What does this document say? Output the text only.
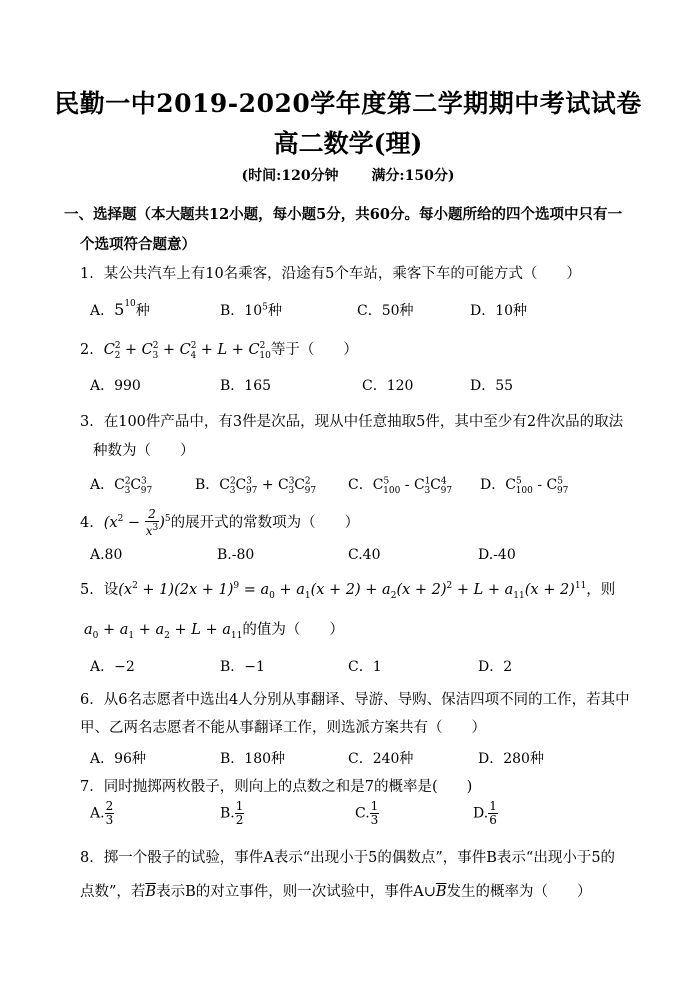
民勤一中2019-2020学年度第二学期期中考试试卷
高二数学(理)
(时间:120分钟 满分:150分)
一、选择题（本大题共12小题，每小题5分，共60分。每小题所给的四个选项中只有一
个选项符合题意）
1．某公共汽车上有10名乘客，沿途有5个车站，乘客下车的可能方式（　　）
A．$5^{10}$种	B．$10^5$种	C．50种	D．10种
2．$C^2_2 + C^2_3 + C^2_4 + L + C^2_{10}$等于（　　）
A．990	B．165	C．120	D．55
3．在100件产品中，有3件是次品，现从中任意抽取5件，其中至少有2件次品的取法
种数为（　　）
A．$C^2_3C^3_{97}$	B．$C^2_3C^3_{97} + C^3_3C^2_{97}$ C．$C^5_{100} - C^1_3C^4_{97}$ D．$C^5_{100} - C^5_{97}$
4．$(x^2 - \frac{2}{x^3} )^5$的展开式的常数项为（　　）
A.80	B.-80	C.40	D.-40
5．设$(x^2 + 1)(2x + 1)^9 = a_0 + a_1(x + 2) + a_2(x + 2)^2 + L + a_{11}(x + 2)^{11}$，则
$a_0 + a_1 + a_2 + L + a_{11}$的值为（　　）
A．−2	B．−1	C．1	D．2
6．从6名志愿者中选出4人分别从事翻译、导游、导购、保洁四项不同的工作，若其中
甲、乙两名志愿者不能从事翻译工作，则选派方案共有（　　）
A．96种	B．180种	C．240种	D．280种
7．同时抛掷两枚骰子，则向上的点数之和是7的概率是(　　)
A. $\frac{2}{3}$	B. $\frac{1}{2}$	C. $\frac{1}{3}$	D. $\frac{1}{6}$
8．掷一个骰子的试验，事件A表示“出现小于5的偶数点”，事件B表示“出现小于5的
点数”，若$\overline{B}$表示B的对立事件，则一次试验中，事件$A\cup\overline{B}$发生的概率为（　　）
